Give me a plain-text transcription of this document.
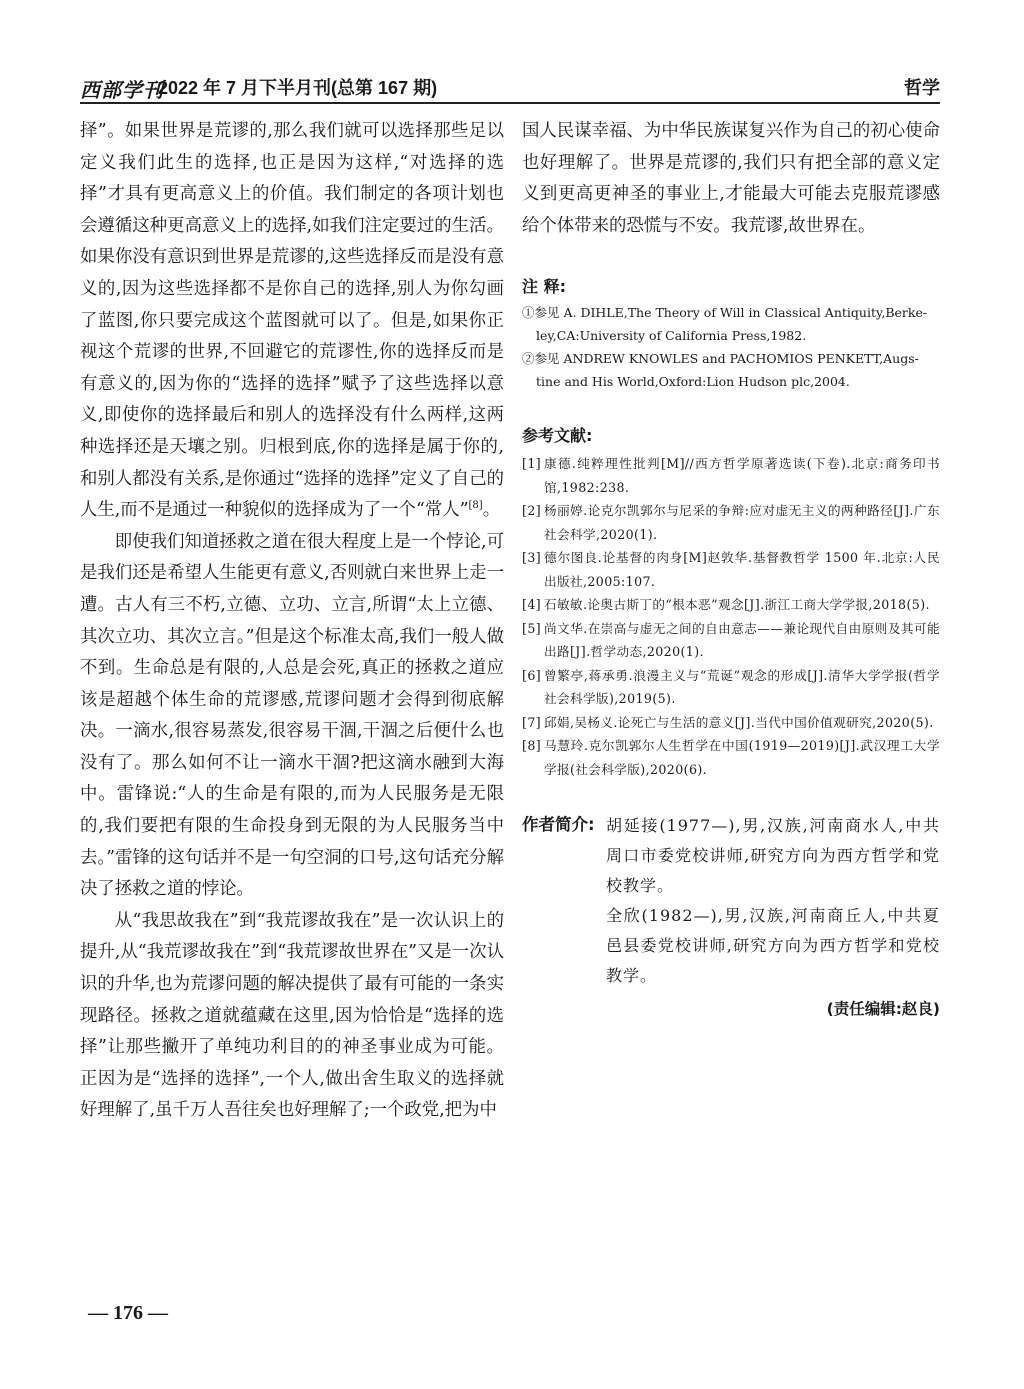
西部学刊
2022 年 7 月下半月刊(总第 167 期)	哲学

择”。如果世界是荒谬的,那么我们就可以选择那些足以定义我们此生的选择,也正是因为这样,“对选择的选择”才具有更高意义上的价值。我们制定的各项计划也会遵循这种更高意义上的选择,如我们注定要过的生活。如果你没有意识到世界是荒谬的,这些选择反而是没有意义的,因为这些选择都不是你自己的选择,别人为你勾画了蓝图,你只要完成这个蓝图就可以了。但是,如果你正视这个荒谬的世界,不回避它的荒谬性,你的选择反而是有意义的,因为你的“选择的选择”赋予了这些选择以意义,即使你的选择最后和别人的选择没有什么两样,这两种选择还是天壤之别。归根到底,你的选择是属于你的,和别人都没有关系,是你通过“选择的选择”定义了自己的人生,而不是通过一种貌似的选择成为了一个“常人”[8]。

即使我们知道拯救之道在很大程度上是一个悖论,可是我们还是希望人生能更有意义,否则就白来世界上走一遭。古人有三不朽,立德、立功、立言,所谓“太上立德、其次立功、其次立言。”但是这个标准太高,我们一般人做不到。生命总是有限的,人总是会死,真正的拯救之道应该是超越个体生命的荒谬感,荒谬问题才会得到彻底解决。一滴水,很容易蒸发,很容易干涸,干涸之后便什么也没有了。那么如何不让一滴水干涸?把这滴水融到大海中。雷锋说:“人的生命是有限的,而为人民服务是无限的,我们要把有限的生命投身到无限的为人民服务当中去。”雷锋的这句话并不是一句空洞的口号,这句话充分解决了拯救之道的悖论。

从“我思故我在”到“我荒谬故我在”是一次认识上的提升,从“我荒谬故我在”到“我荒谬故世界在”又是一次认识的升华,也为荒谬问题的解决提供了最有可能的一条实现路径。拯救之道就蕴藏在这里,因为恰恰是“选择的选择”让那些撇开了单纯功利目的的神圣事业成为可能。正因为是“选择的选择”,一个人,做出舍生取义的选择就好理解了,虽千万人吾往矣也好理解了;一个政党,把为中

国人民谋幸福、为中华民族谋复兴作为自己的初心使命也好理解了。世界是荒谬的,我们只有把全部的意义定义到更高更神圣的事业上,才能最大可能去克服荒谬感给个体带来的恐慌与不安。我荒谬,故世界在。

注 释:

①参见 A. DIHLE,The Theory of Will in Classical Antiquity,Berke-
ley,CA:University of California Press,1982.

②参见 ANDREW KNOWLES and PACHOMIOS PENKETT,Augs-
tine and His World,Oxford:Lion Hudson plc,2004.

参考文献:

[1] 康德.纯粹理性批判[M]//西方哲学原著选读(下卷).北京:商务印书馆,1982:238.

[2] 杨丽婷.论克尔凯郭尔与尼采的争辩:应对虚无主义的两种路径[J].广东社会科学,2020(1).

[3] 德尔图良.论基督的肉身[M]赵敦华.基督教哲学 1500 年.北京:人民出版社,2005:107.

[4] 石敏敏.论奥古斯丁的“根本恶”观念[J].浙江工商大学学报,2018(5).

[5] 尚文华.在崇高与虚无之间的自由意志——兼论现代自由原则及其可能出路[J].哲学动态,2020(1).

[6] 曾繁亭,蒋承勇.浪漫主义与“荒诞”观念的形成[J].清华大学学报(哲学社会科学版),2019(5).

[7] 邱娟,吴杨义.论死亡与生活的意义[J].当代中国价值观研究,2020(5).

[8] 马慧玲.克尔凯郭尔人生哲学在中国(1919—2019)[J].武汉理工大学学报(社会科学版),2020(6).

作者简介: 胡延接(1977—),男,汉族,河南商水人,中共周口市委党校讲师,研究方向为西方哲学和党校教学。

全欣(1982—),男,汉族,河南商丘人,中共夏邑县委党校讲师,研究方向为西方哲学和党校教学。

(责任编辑:赵良)
— 176 —
